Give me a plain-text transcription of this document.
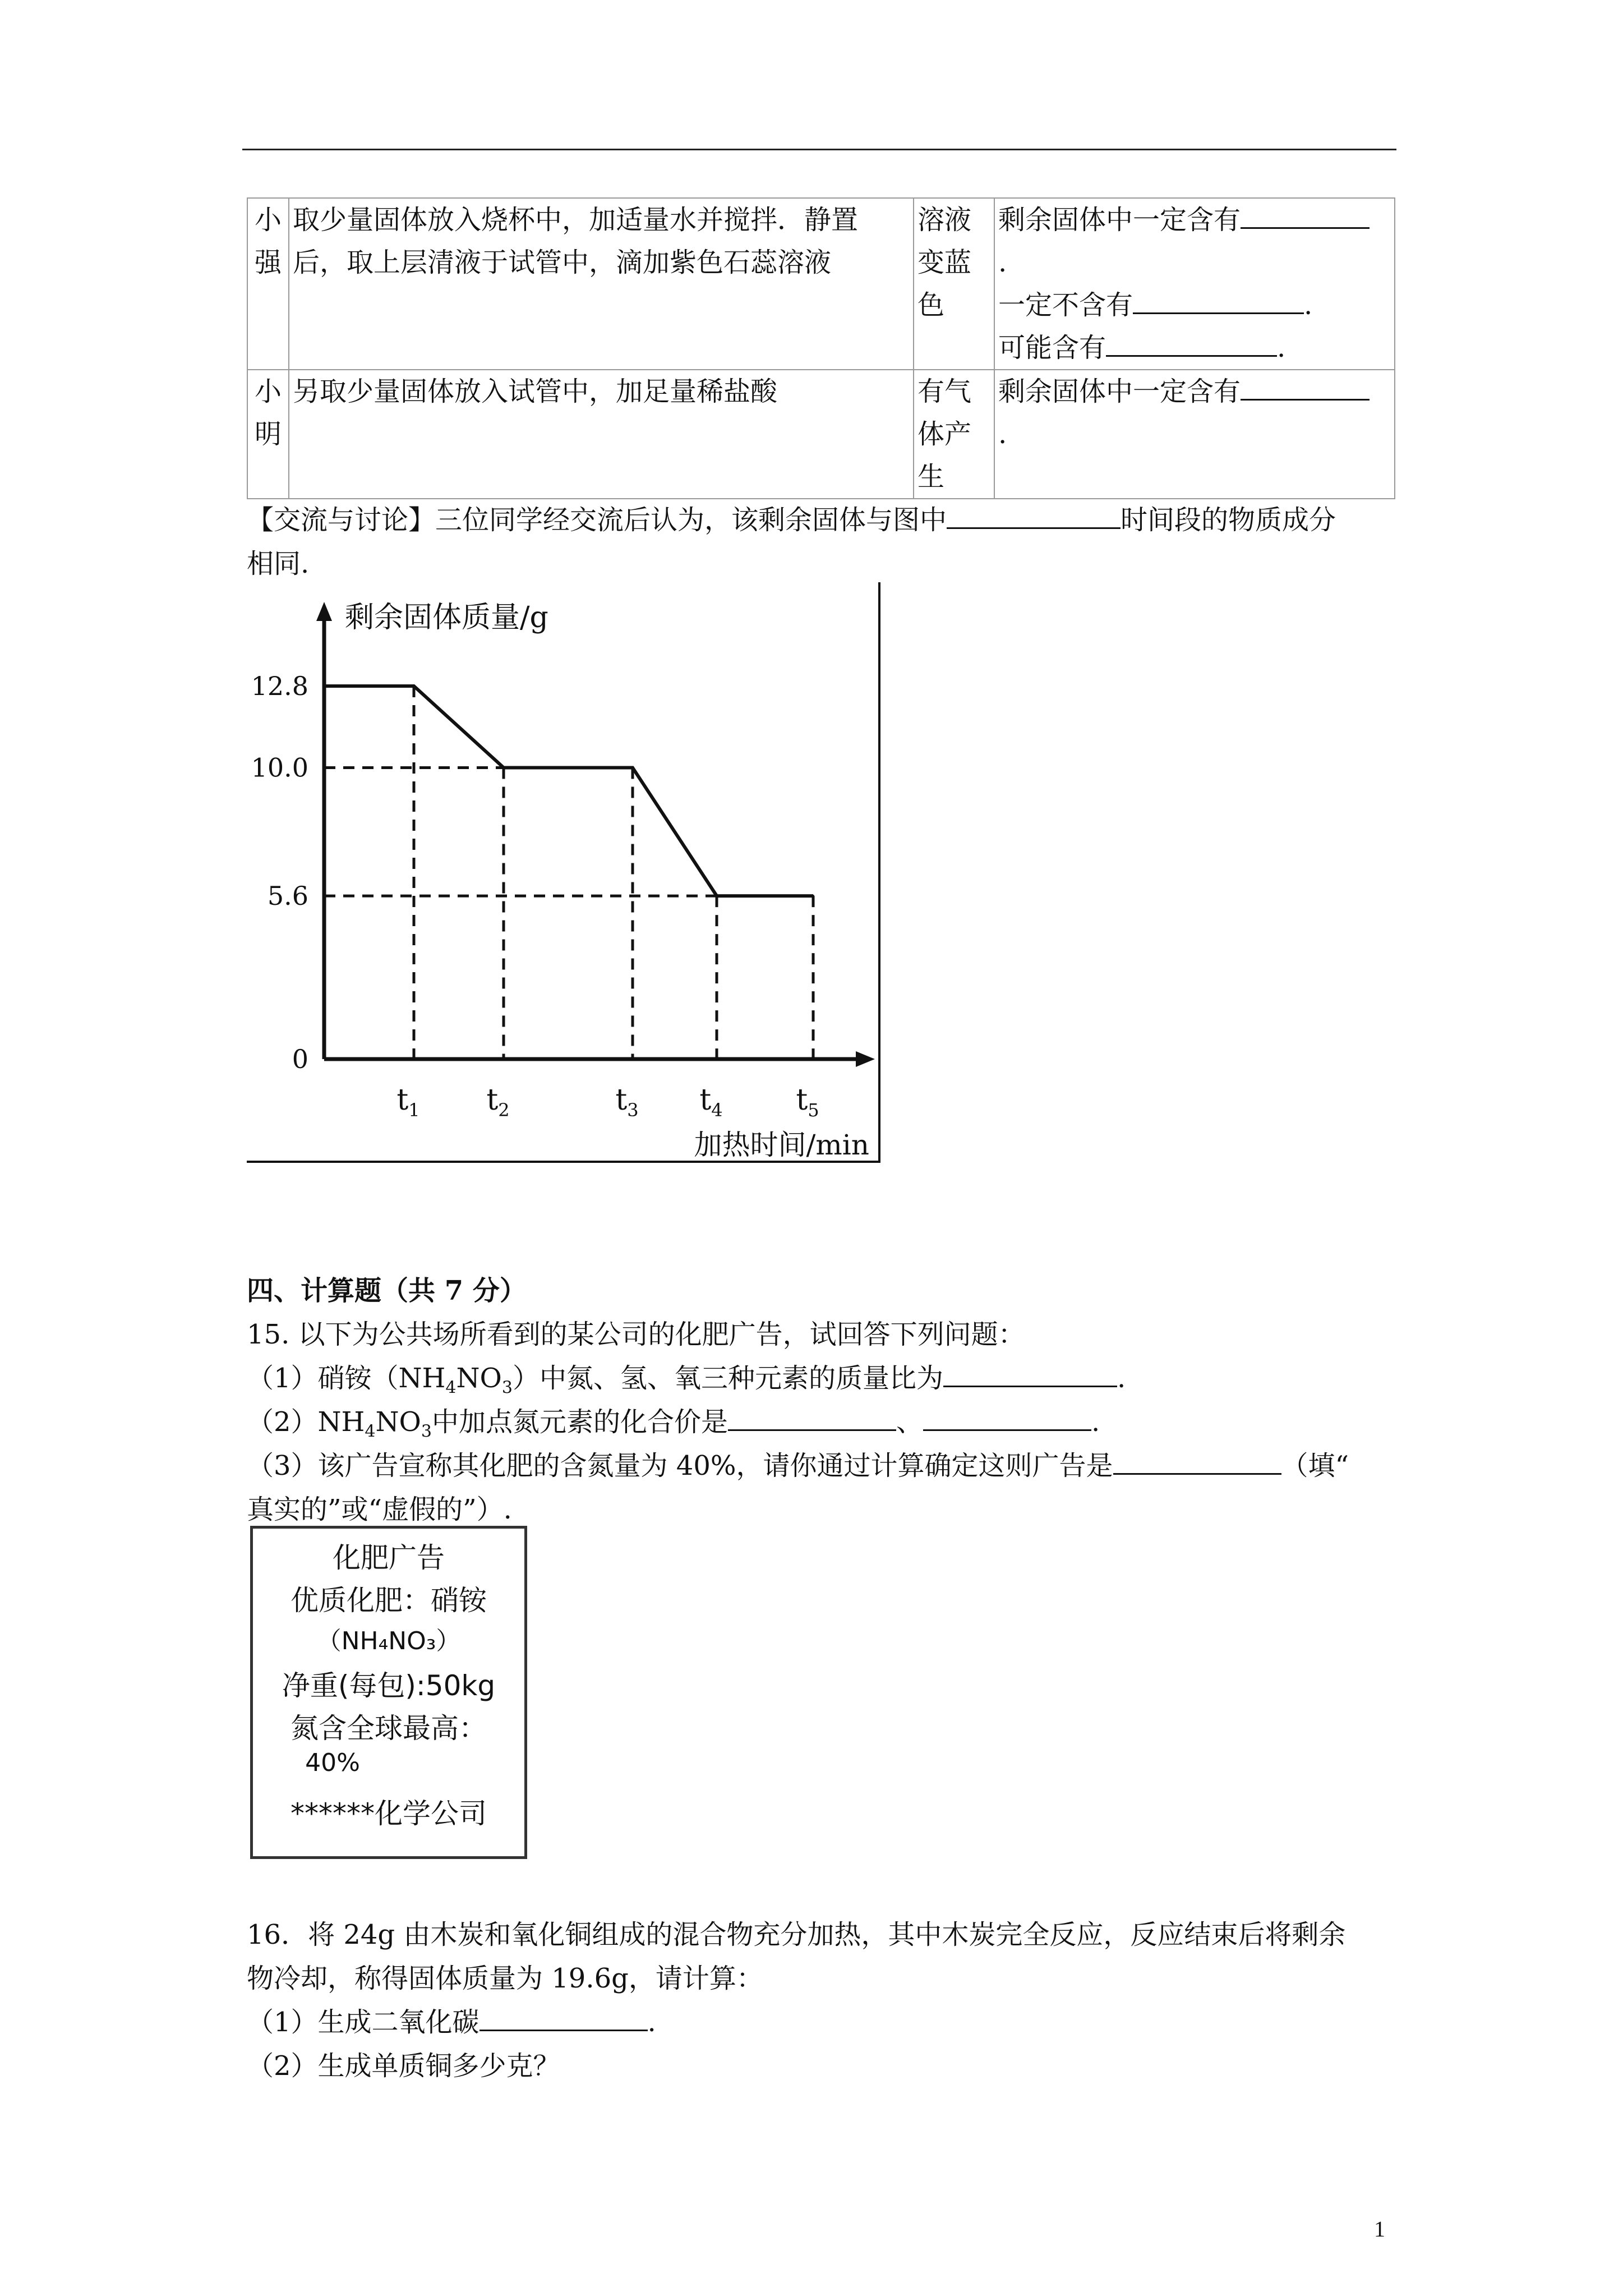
小强	取少量固体放入烧杯中，加适量水并搅拌．静置后，取上层清液于试管中，滴加紫色石蕊溶液	溶液变蓝色	剩余固体中一定含有
.
一定不含有 .
可能含有 .

小明	另取少量固体放入试管中，加足量稀盐酸	有气体产生	剩余固体中一定含有
.
【交流与讨论】三位同学经交流后认为，该剩余固体与图中	时间段的物质成分
相同.
剩余固体质量/g
12.8
10.0
5.6
0
$t_1$ $t_2$	$t_3$ $t_4$	$t_5$
加热时间/min
四、计算题（共 7 分）
15. 以下为公共场所看到的某公司的化肥广告，试回答下列问题：
（1）硝铵$(NH_4NO_3)$中氮、氢、氧三种元素的质量比为	.
$(2)NH_4NO_3$中加点氮元素的化合价是	、	.
（3）该广告宣称其化肥的含氮量为 40%，请你通过计算确定这则广告是	（填“
真实的”或“虚假的”）.
化肥广告
优质化肥：硝铵
（NH₄NO₃）
净重(每包):50kg
氮含全球最高：
40%
******化学公司
16．将 24g 由木炭和氧化铜组成的混合物充分加热，其中木炭完全反应，反应结束后将剩余
物冷却，称得固体质量为 19.6g，请计算：
（1）生成二氧化碳	.
（2）生成单质铜多少克？
1
